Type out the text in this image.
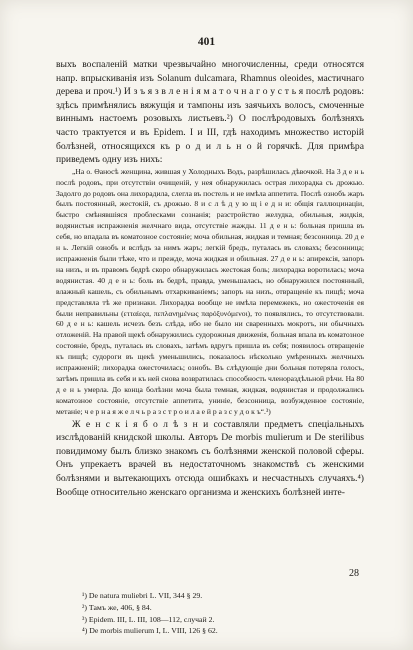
401

выхъ воспаленій матки чрезвычайно многочисленны, среди относятся напр. впрыскиванія изъ Solanum dulcamara, Rhamnus oleoides, мастичнаго дерева и проч.¹) И з ъ я з в л е н і я м а т о ч н а г о у с т ь я послѣ родовъ: здѣсь примѣнялись вяжущія и тампоны изъ заячьихъ волосъ, смоченные виннымъ настоемъ розовыхъ листьевъ.²) О послѣродовыхъ болѣзняхъ часто трактуется и въ Epidem. I и III, гдѣ находимъ множество исторій болѣзней, относящихся къ р о д и л ь н о й горячкѣ. Для примѣра приведемъ одну изъ нихъ:

„На о. Ѳаносѣ женщина, жившая у Холодныхъ Водъ, разрѣшилась дѣвочкой. На 3 д е н ь послѣ родовъ, при отсутствіи очищеній, у нея обнаружилась острая лихорадка съ дрожью. Задолго до родовъ она лихорадила, слегла въ постель и не имѣла аппетита. Послѣ ознобъ жаръ былъ постоянный, жестокій, съ дрожью. 8 и с л ѣ д у ю щ і е д н и: общія галлюцинаціи, быстро смѣнявшіяся проблесками сознанія; разстройство желудка, обильныя, жидкія, водянистыя испражненія желчнаго вида, отсутствіе жажды. 11 д е н ь: больная пришла въ себя, но впадала въ коматозное состояніе; моча обильная, жидкая и темная; безсонница. 20 д е н ь. Легкій ознобъ и вслѣдъ за нимъ жаръ; легкій бредъ, путалась въ словахъ; безсонница; испражненія были тѣже, что и прежде, моча жидкая и обильная. 27 д е н ь: апирексія, запоръ на низъ, и въ правомъ бедрѣ скоро обнаружилась жестокая боль; лихорадка воротилась; моча водянистая. 40 д е н ь: боль въ бедрѣ, правда, уменьшалась, но обнаружился постоянный, влажный кашель, съ обильнымъ отхаркиваніемъ; запоръ на низъ, отвращеніе къ пищѣ; моча представляла тѣ же признаки. Лихорадка вообще не имѣла перемежекъ, но ожесточенія ея были неправильны (ετταίεςα, πεπλανημένως παρόξυνόμενοι), то появлялись, то отсутствовали. 60 д е н ь: кашель исчезъ безъ слѣда, ибо не было ни сваренныхъ мокротъ, ни обычныхъ отложеній. На правой щекѣ обнаружились судорожныя движенія, больная впала въ коматозное состояніе, бредъ, путалась въ словахъ, затѣмъ вдругъ пришла въ себя; появилось отвращеніе къ пищѣ; судороги въ щекѣ уменьшились, показалось нѣсколько умѣренныхъ желчныхъ испражненій; лихорадка ожесточилась; ознобъ. Въ слѣдующіе дни больная потеряла голосъ, затѣмъ пришла въ себя и къ ней снова возвратилась способность членораздѣльной рѣчи. На 80 д е н ь умерла. До конца болѣзни моча была темная, жидкая, водянистая и продолжались коматозное состояніе, отсутствіе аппетита, униніе, безсонница, возбужденное состояніе, метаніе; ч е р н а я ж е л ч ь р а з с т р о и л а е й р а з с у д о к ъ“.³)

Ж е н с к і я б о л ѣ з н и составляли предметъ спеціальныхъ изслѣдованій книдской школы. Авторъ De morbis mulierum и De sterilibus повидимому былъ близко знакомъ съ болѣзнями женской половой сферы. Онъ упрекаетъ врачей въ недостаточномъ знакомствѣ съ женскими болѣзнями и вытекающихъ отсюда ошибкахъ и несчастныхъ случаяхъ.⁴) Вообще относительно женскаго организма и женскихъ болѣзней инте-

28
¹) De natura muliebri L. VII, 344 § 29.
²) Тамъ же, 406, § 84.
³) Epidem. III, L. III, 108—112, случай 2.
⁴) De morbis mulierum I, L. VIII, 126 § 62.
